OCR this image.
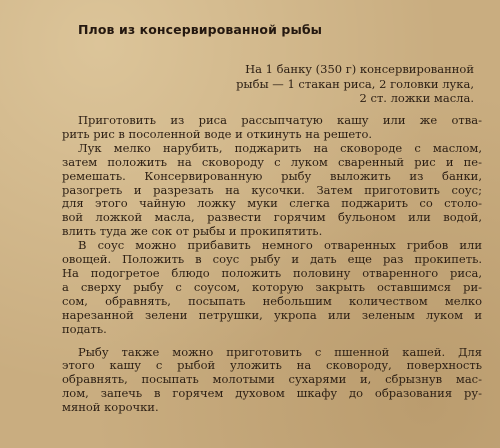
Плов из консервированной рыбы
На 1 банку (350 г) консервированной
рыбы — 1 стакан риса, 2 головки лука,
2 ст. ложки масла.
Приготовить из риса рассыпчатую кашу или же отва-
рить рис в посоленной воде и откинуть на решето.
Лук мелко нарубить, поджарить на сковороде с маслом,
затем положить на сковороду с луком сваренный рис и пе-
ремешать. Консервированную рыбу выложить из банки,
разогреть и разрезать на кусочки. Затем приготовить соус;
для этого чайную ложку муки слегка поджарить со столо-
вой ложкой масла, развести горячим бульоном или водой,
влить туда же сок от рыбы и прокипятить.
В соус можно прибавить немного отваренных грибов или
овощей. Положить в соус рыбу и дать еще раз прокипеть.
На подогретое блюдо положить половину отваренного риса,
а сверху рыбу с соусом, которую закрыть оставшимся ри-
сом, обравнять, посыпать небольшим количеством мелко
нарезанной зелени петрушки, укропа или зеленым луком и
подать.
Рыбу также можно приготовить с пшенной кашей. Для
этого кашу с рыбой уложить на сковороду, поверхность
обравнять, посыпать молотыми сухарями и, сбрызнув мас-
лом, запечь в горячем духовом шкафу до образования ру-
мяной корочки.
